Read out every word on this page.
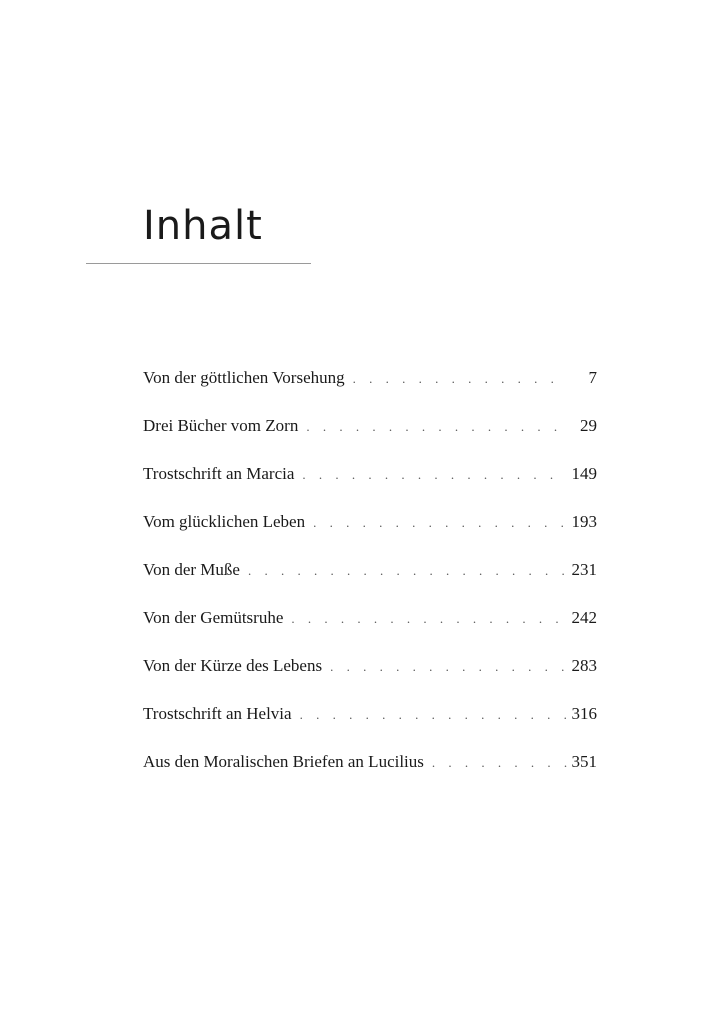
Inhalt
Von der göttlichen Vorsehung . . .	7
Drei Bücher vom Zorn . . .	29
Trostschrift an Marcia . . .	149
Vom glücklichen Leben . . .	193
Von der Muße . . .	231
Von der Gemütsruhe . . .	242
Von der Kürze des Lebens . . .	283
Trostschrift an Helvia . . .	316
Aus den Moralischen Briefen an Lucilius . . .	351
